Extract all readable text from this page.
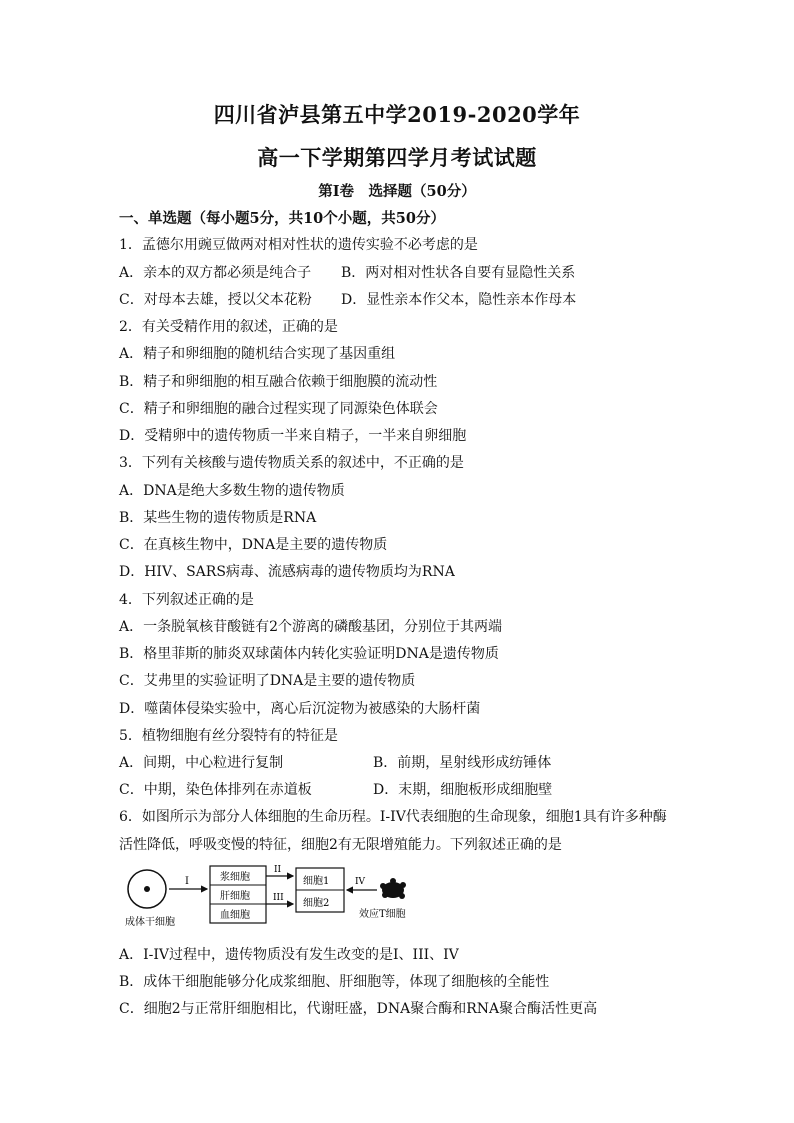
四川省泸县第五中学2019-2020学年
高一下学期第四学月考试试题
第I卷　选择题（50分）
一、单选题（每小题5分，共10个小题，共50分）
1．孟德尔用豌豆做两对相对性状的遗传实验不必考虑的是
A．亲本的双方都必须是纯合子 B．两对相对性状各自要有显隐性关系
C．对母本去雄，授以父本花粉 D．显性亲本作父本，隐性亲本作母本
2．有关受精作用的叙述，正确的是
A．精子和卵细胞的随机结合实现了基因重组
B．精子和卵细胞的相互融合依赖于细胞膜的流动性
C．精子和卵细胞的融合过程实现了同源染色体联会
D．受精卵中的遗传物质一半来自精子，一半来自卵细胞
3．下列有关核酸与遗传物质关系的叙述中，不正确的是
A．DNA是绝大多数生物的遗传物质
B．某些生物的遗传物质是RNA
C．在真核生物中，DNA是主要的遗传物质
D．HIV、SARS病毒、流感病毒的遗传物质均为RNA
4．下列叙述正确的是
A．一条脱氧核苷酸链有2个游离的磷酸基团，分别位于其两端
B．格里菲斯的肺炎双球菌体内转化实验证明DNA是遗传物质
C．艾弗里的实验证明了DNA是主要的遗传物质
D．噬菌体侵染实验中，离心后沉淀物为被感染的大肠杆菌
5．植物细胞有丝分裂特有的特征是
A．间期，中心粒进行复制	B．前期，星射线形成纺锤体
C．中期，染色体排列在赤道板	D．末期，细胞板形成细胞壁
6．如图所示为部分人体细胞的生命历程。I-IV代表细胞的生命现象，细胞1具有许多种酶
活性降低，呼吸变慢的特征，细胞2有无限增殖能力。下列叙述正确的是
成体干细胞
I	浆细胞
肝细胞
血细胞
II
III
细胞1
细胞2
IV
效应T细胞
A．I-IV过程中，遗传物质没有发生改变的是I、III、IV
B．成体干细胞能够分化成浆细胞、肝细胞等，体现了细胞核的全能性
C．细胞2与正常肝细胞相比，代谢旺盛，DNA聚合酶和RNA聚合酶活性更高
